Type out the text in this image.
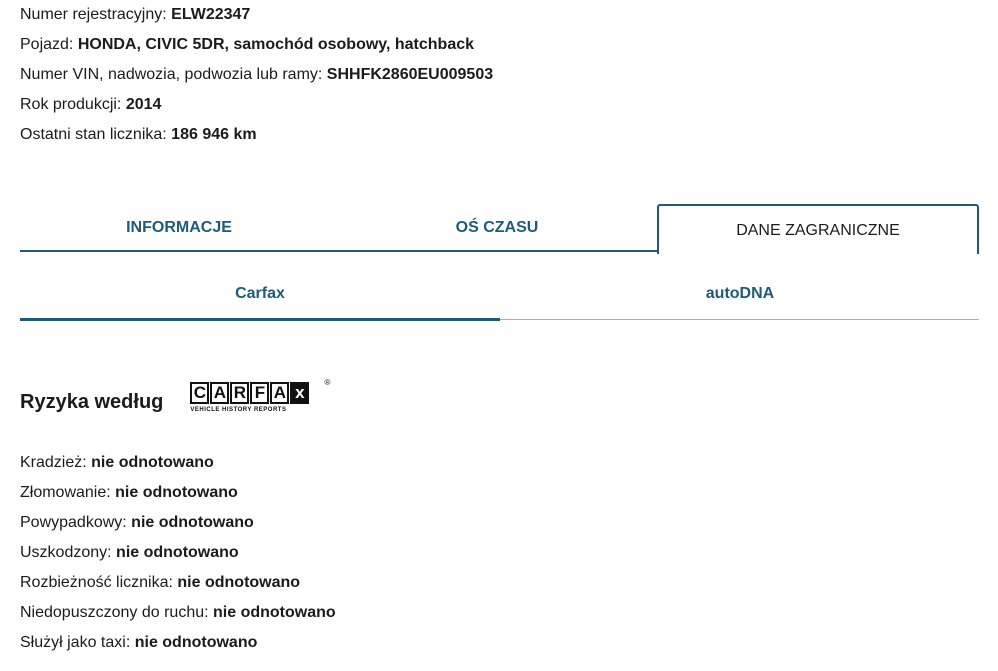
Numer rejestracyjny: ELW22347
Pojazd: HONDA, CIVIC 5DR, samochód osobowy, hatchback
Numer VIN, nadwozia, podwozia lub ramy: SHHFK2860EU009503
Rok produkcji: 2014
Ostatni stan licznika: 186 946 km
INFORMACJE	OŚ CZASU	DANE ZAGRANICZNE
Carfax	autoDNA
Ryzyka według C A R F A x
VEHICLE HISTORY REPORTS
®
Kradzież: nie odnotowano
Złomowanie: nie odnotowano
Powypadkowy: nie odnotowano
Uszkodzony: nie odnotowano
Rozbieżność licznika: nie odnotowano
Niedopuszczony do ruchu: nie odnotowano
Służył jako taxi: nie odnotowano
